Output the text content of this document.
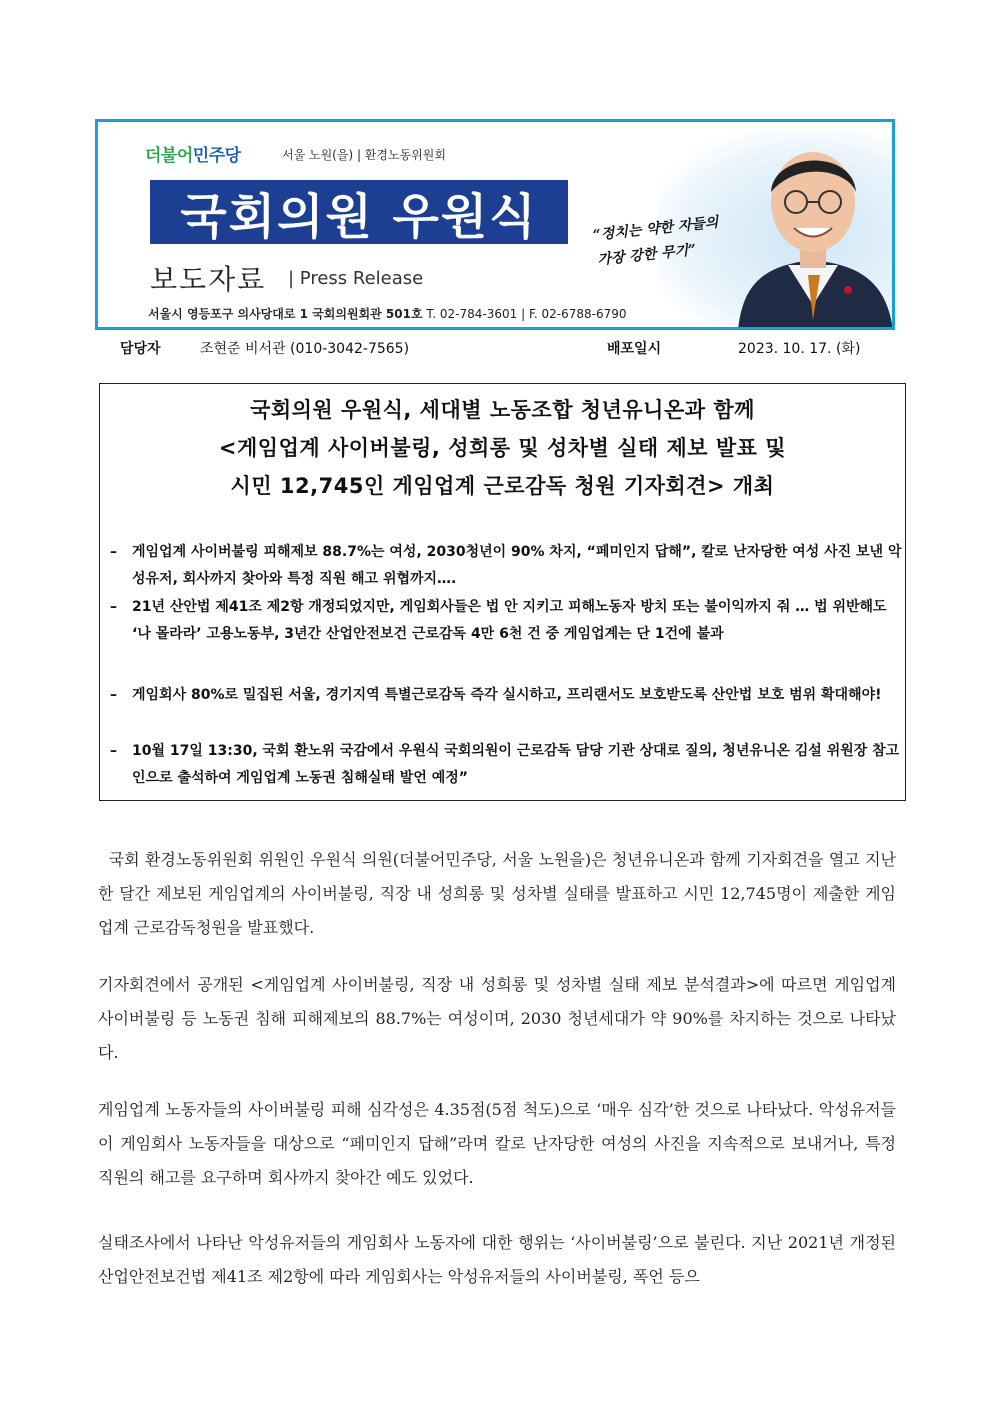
더불어민주당	서울 노원(을) | 환경노동위원회
국회의원 우원식
보도자료 | Press Release
서울시 영등포구 의사당대로 1 국회의원회관 501호 T. 02-784-3601 | F. 02-6788-6790
“정치는 약한 자들의
가장 강한 무기”
담당자	조현준 비서관 (010-3042-7565)	배포일시	2023. 10. 17. (화)
국회의원 우원식, 세대별 노동조합 청년유니온과 함께
<게임업계 사이버불링, 성희롱 및 성차별 실태 제보 발표 및
시민 12,745인 게임업계 근로감독 청원 기자회견> 개최
– 게임업계 사이버불링 피해제보 88.7%는 여성, 2030청년이 90% 차지, “페미인지 답해”, 칼로 난자당한 여성 사진 보낸 악성유저, 회사까지 찾아와 특정 직원 해고 위협까지….
– 21년 산안법 제41조 제2항 개정되었지만, 게임회사들은 법 안 지키고 피해노동자 방치 또는 불이익까지 줘 … 법 위반해도 ‘나 몰라라’ 고용노동부, 3년간 산업안전보건 근로감독 4만 6천 건 중 게임업계는 단 1건에 불과
– 게임회사 80%로 밀집된 서울, 경기지역 특별근로감독 즉각 실시하고, 프리랜서도 보호받도록 산안법 보호 범위 확대해야!
– 10월 17일 13:30, 국회 환노위 국감에서 우원식 국회의원이 근로감독 담당 기관 상대로 질의, 청년유니온 김설 위원장 참고인으로 출석하여 게임업계 노동권 침해실태 발언 예정”
국회 환경노동위원회 위원인 우원식 의원(더불어민주당, 서울 노원을)은 청년유니온과 함께 기자회견을 열고 지난 한 달간 제보된 게임업계의 사이버불링, 직장 내 성희롱 및 성차별 실태를 발표하고 시민 12,745명이 제출한 게임업계 근로감독청원을 발표했다.
기자회견에서 공개된 <게임업계 사이버불링, 직장 내 성희롱 및 성차별 실태 제보 분석결과>에 따르면 게임업계 사이버불링 등 노동권 침해 피해제보의 88.7%는 여성이며, 2030 청년세대가 약 90%를 차지하는 것으로 나타났다.
게임업계 노동자들의 사이버불링 피해 심각성은 4.35점(5점 척도)으로 ‘매우 심각’한 것으로 나타났다. 악성유저들이 게임회사 노동자들을 대상으로 “페미인지 답해”라며 칼로 난자당한 여성의 사진을 지속적으로 보내거나, 특정 직원의 해고를 요구하며 회사까지 찾아간 예도 있었다.
실태조사에서 나타난 악성유저들의 게임회사 노동자에 대한 행위는 ‘사이버불링’으로 불린다. 지난 2021년 개정된 산업안전보건법 제41조 제2항에 따라 게임회사는 악성유저들의 사이버불링, 폭언 등으
